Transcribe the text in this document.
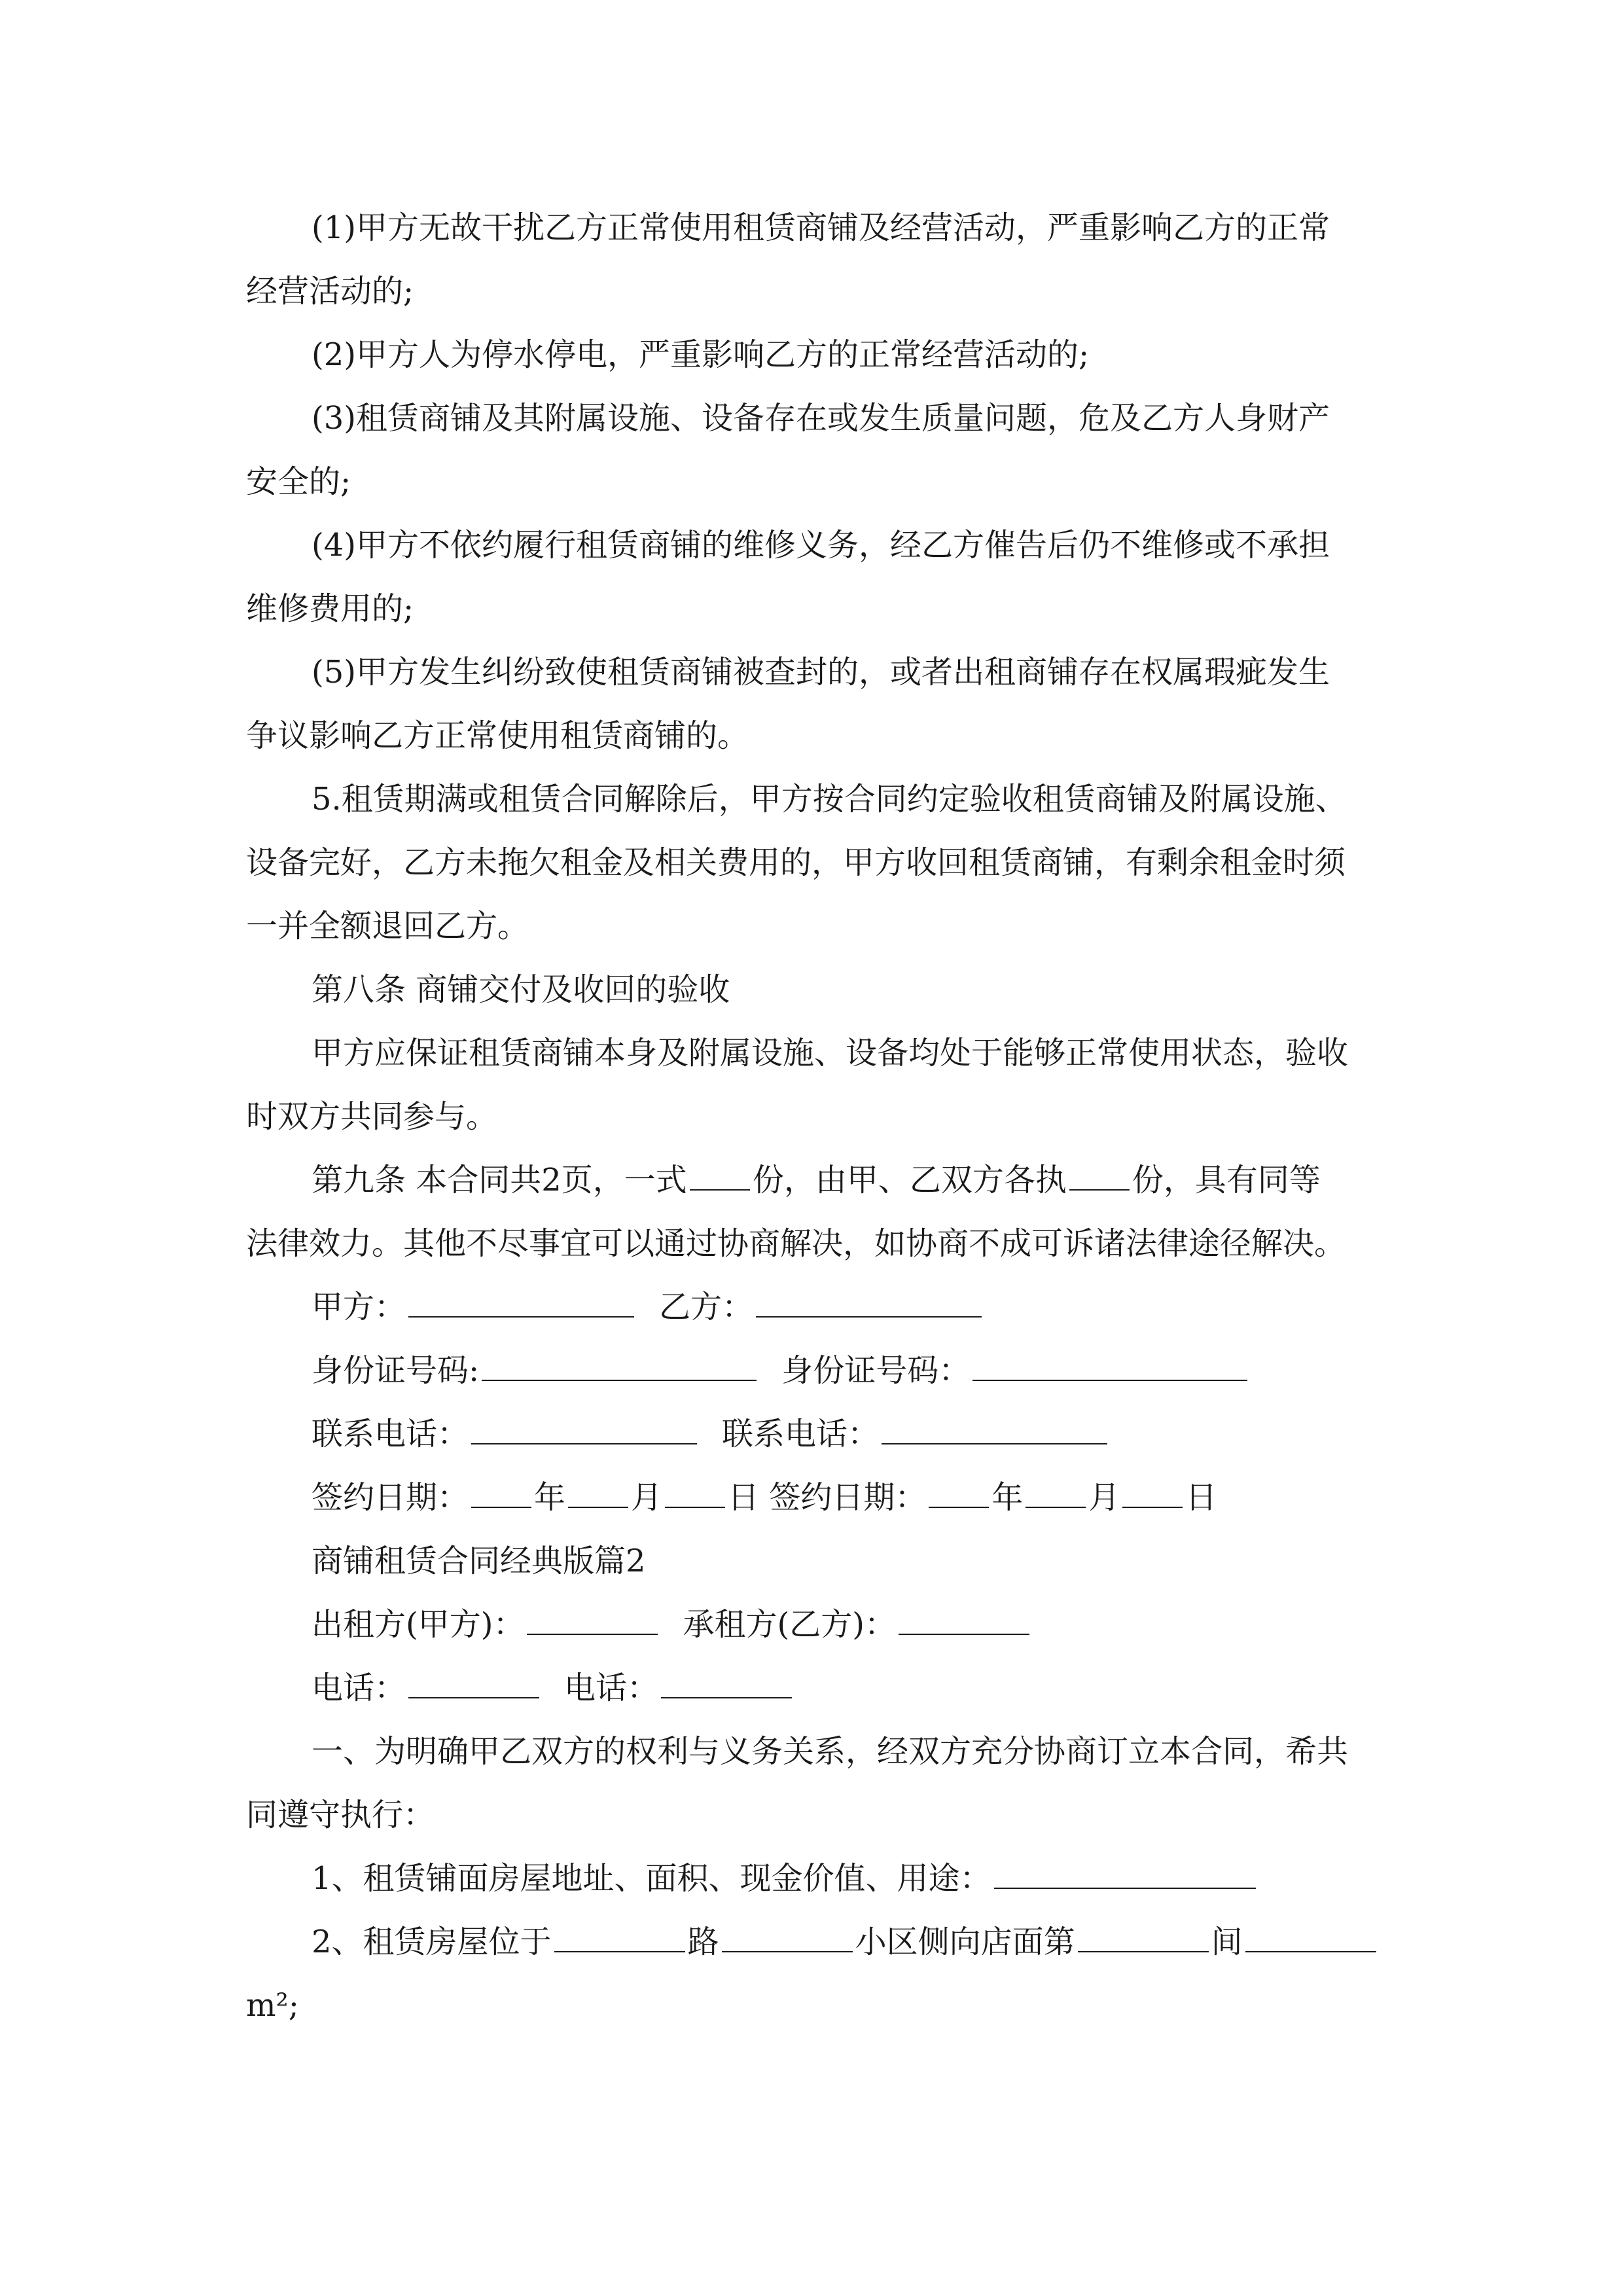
(1)甲方无故干扰乙方正常使用租赁商铺及经营活动，严重影响乙方的正常
经营活动的;
(2)甲方人为停水停电，严重影响乙方的正常经营活动的;
(3)租赁商铺及其附属设施、设备存在或发生质量问题，危及乙方人身财产
安全的;
(4)甲方不依约履行租赁商铺的维修义务，经乙方催告后仍不维修或不承担
维修费用的;
(5)甲方发生纠纷致使租赁商铺被查封的，或者出租商铺存在权属瑕疵发生
争议影响乙方正常使用租赁商铺的。
5.租赁期满或租赁合同解除后，甲方按合同约定验收租赁商铺及附属设施、
设备完好，乙方未拖欠租金及相关费用的，甲方收回租赁商铺，有剩余租金时须
一并全额退回乙方。
第八条 商铺交付及收回的验收
甲方应保证租赁商铺本身及附属设施、设备均处于能够正常使用状态，验收
时双方共同参与。
第九条 本合同共2页，一式 份，由甲、乙双方各执 份，具有同等
法律效力。其他不尽事宜可以通过协商解决，如协商不成可诉诸法律途径解决。
甲方：	乙方：
身份证号码:	身份证号码：
联系电话：	联系电话：
签约日期： 年 月 日 签约日期： 年 月 日
商铺租赁合同经典版篇2
出租方(甲方)：	承租方(乙方)：
电话：	电话：
一、为明确甲乙双方的权利与义务关系，经双方充分协商订立本合同，希共
同遵守执行：
1、租赁铺面房屋地址、面积、现金价值、用途：
2、租赁房屋位于	路	小区侧向店面第	间
m²;
